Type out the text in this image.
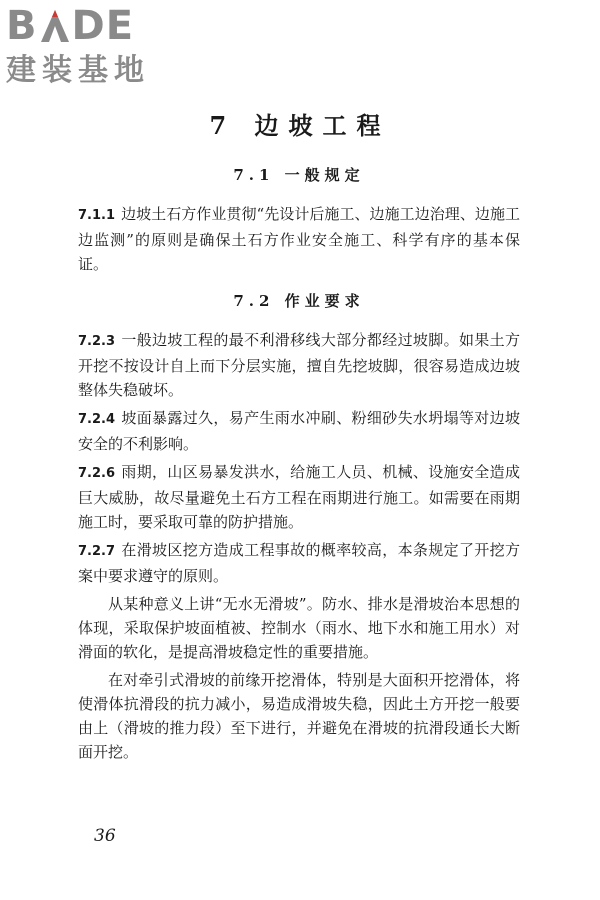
B DE
建装基地
7 边坡工程
7.1 一般规定

7.1.1 边坡土石方作业贯彻“先设计后施工、边施工边治理、边施工边监测”的原则是确保土石方作业安全施工、科学有序的基本保证。

7.2 作业要求

7.2.3 一般边坡工程的最不利滑移线大部分都经过坡脚。如果土方开挖不按设计自上而下分层实施，擅自先挖坡脚，很容易造成边坡整体失稳破坏。

7.2.4 坡面暴露过久，易产生雨水冲刷、粉细砂失水坍塌等对边坡安全的不利影响。

7.2.6 雨期，山区易暴发洪水，给施工人员、机械、设施安全造成巨大威胁，故尽量避免土石方工程在雨期进行施工。如需要在雨期施工时，要采取可靠的防护措施。

7.2.7 在滑坡区挖方造成工程事故的概率较高，本条规定了开挖方案中要求遵守的原则。

从某种意义上讲“无水无滑坡”。防水、排水是滑坡治本思想的体现，采取保护坡面植被、控制水（雨水、地下水和施工用水）对滑面的软化，是提高滑坡稳定性的重要措施。

在对牵引式滑坡的前缘开挖滑体，特别是大面积开挖滑体，将使滑体抗滑段的抗力减小，易造成滑坡失稳，因此土方开挖一般要由上（滑坡的推力段）至下进行，并避免在滑坡的抗滑段通长大断面开挖。

36
